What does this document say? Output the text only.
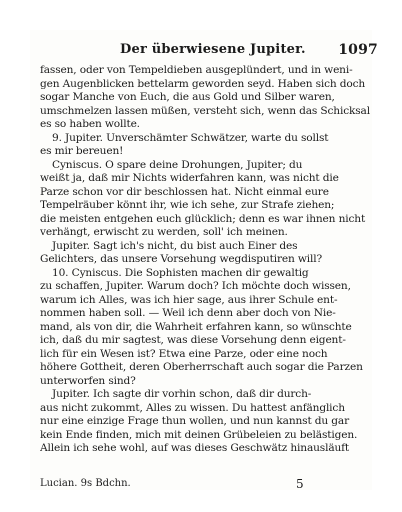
Der überwiesene Jupiter. 1097
fassen, oder von Tempeldieben ausgeplündert, und in weni-
gen Augenblicken bettelarm geworden seyd. Haben sich doch
sogar Manche von Euch, die aus Gold und Silber waren,
umschmelzen lassen müßen, versteht sich, wenn das Schicksal
es so haben wollte.
9. Jupiter. Unverschämter Schwätzer, warte du sollst
es mir bereuen!
Cyniscus. O spare deine Drohungen, Jupiter; du
weißt ja, daß mir Nichts widerfahren kann, was nicht die
Parze schon vor dir beschlossen hat. Nicht einmal eure
Tempelräuber könnt ihr, wie ich sehe, zur Strafe ziehen;
die meisten entgehen euch glücklich; denn es war ihnen nicht
verhängt, erwischt zu werden, soll' ich meinen.
Jupiter. Sagt ich's nicht, du bist auch Einer des
Gelichters, das unsere Vorsehung wegdisputiren will?
10. Cyniscus. Die Sophisten machen dir gewaltig
zu schaffen, Jupiter. Warum doch? Ich möchte doch wissen,
warum ich Alles, was ich hier sage, aus ihrer Schule ent-
nommen haben soll. — Weil ich denn aber doch von Nie-
mand, als von dir, die Wahrheit erfahren kann, so wünschte
ich, daß du mir sagtest, was diese Vorsehung denn eigent-
lich für ein Wesen ist? Etwa eine Parze, oder eine noch
höhere Gottheit, deren Oberherrschaft auch sogar die Parzen
unterworfen sind?
Jupiter. Ich sagte dir vorhin schon, daß dir durch-
aus nicht zukommt, Alles zu wissen. Du hattest anfänglich
nur eine einzige Frage thun wollen, und nun kannst du gar
kein Ende finden, mich mit deinen Grübeleien zu belästigen.
Allein ich sehe wohl, auf was dieses Geschwätz hinausläuft
Lucian. 9s Bdchn.	5
